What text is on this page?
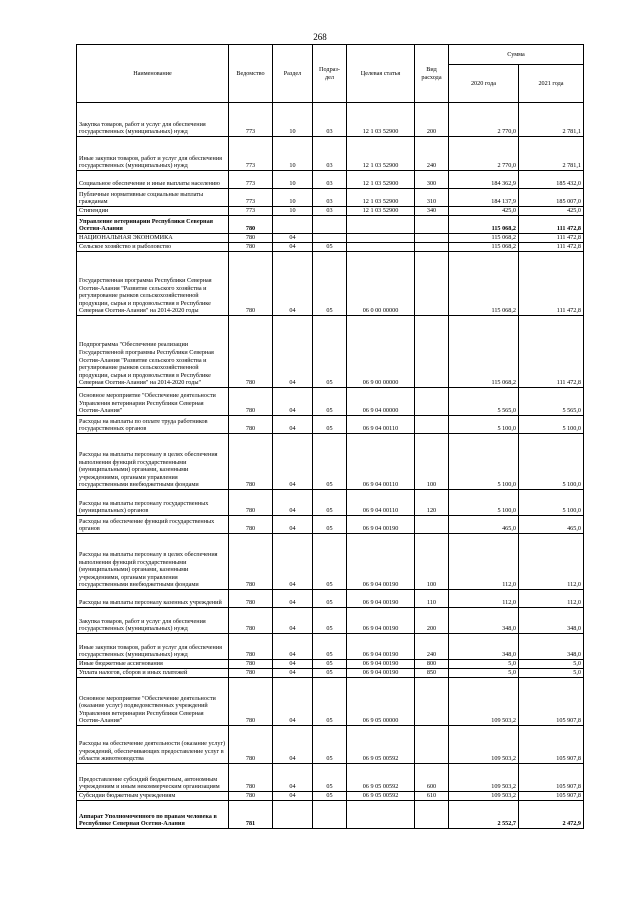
268
Наименование	Ведомство	Раздел	Подраз-дел	Целевая статья	Вид расхода	Сумма	
						2020 года	2021 года
Закупка товаров, работ и услуг для обеспечения государственных (муниципальных) нужд	773	10	03	12 1 03 52900	200	2 770,0	2 781,1
Иные закупки товаров, работ и услуг для обеспечения государственных (муниципальных) нужд	773	10	03	12 1 03 52900	240	2 770,0	2 781,1
Социальное обеспечение и иные выплаты населению	773	10	03	12 1 03 52900	300	184 362,9	185 432,0
Публичные нормативные социальные выплаты гражданам	773	10	03	12 1 03 52900	310	184 137,9	185 007,0
Стипендии	773	10	03	12 1 03 52900	340	425,0	425,0
Управление ветеринарии Республики Северная Осетия-Алания	780					115 068,2	111 472,8
НАЦИОНАЛЬНАЯ ЭКОНОМИКА	780	04				115 068,2	111 472,8
Сельское хозяйство и рыболовство	780	04	05			115 068,2	111 472,8
Государственная программа Республики Северная Осетия-Алания "Развитие сельского хозяйства и регулирование рынков сельскохозяйственной продукции, сырья и продовольствия в Республике Северная Осетия-Алания" на 2014-2020 годы	780	04	05	06 0 00 00000		115 068,2	111 472,8
Подпрограмма "Обеспечение реализации Государственной программы Республики Северная Осетия-Алания "Развитие сельского хозяйства и регулирование рынков сельскохозяйственной продукции, сырья и продовольствия в Республике Северная Осетия-Алания" на 2014-2020 годы"	780	04	05	06 9 00 00000		115 068,2	111 472,8
Основное мероприятие "Обеспечение деятельности Управления ветеринарии Республики Северная Осетия-Алания"	780	04	05	06 9 04 00000		5 565,0	5 565,0
Расходы на выплаты по оплате труда работников государственных органов	780	04	05	06 9 04 00110		5 100,0	5 100,0
Расходы на выплаты персоналу в целях обеспечения выполнения функций государственными (муниципальными) органами, казенными учреждениями, органами управления государственными внебюджетными фондами	780	04	05	06 9 04 00110	100	5 100,0	5 100,0
Расходы на выплаты персоналу государственных (муниципальных) органов	780	04	05	06 9 04 00110	120	5 100,0	5 100,0
Расходы на обеспечение функций государственных органов	780	04	05	06 9 04 00190		465,0	465,0
Расходы на выплаты персоналу в целях обеспечения выполнения функций государственными (муниципальными) органами, казенными учреждениями, органами управления государственными внебюджетными фондами	780	04	05	06 9 04 00190	100	112,0	112,0
Расходы на выплаты персоналу казенных учреждений	780	04	05	06 9 04 00190	110	112,0	112,0
Закупка товаров, работ и услуг для обеспечения государственных (муниципальных) нужд	780	04	05	06 9 04 00190	200	348,0	348,0
Иные закупки товаров, работ и услуг для обеспечения государственных (муниципальных) нужд	780	04	05	06 9 04 00190	240	348,0	348,0
Иные бюджетные ассигнования	780	04	05	06 9 04 00190	800	5,0	5,0
Уплата налогов, сборов и иных платежей	780	04	05	06 9 04 00190	850	5,0	5,0
Основное мероприятие "Обеспечение деятельности (оказание услуг) подведомственных учреждений Управления ветеринарии Республики Северная Осетия-Алания"	780	04	05	06 9 05 00000		109 503,2	105 907,8
Расходы на обеспечение деятельности (оказание услуг) учреждений, обеспечивающих предоставление услуг в области животноводства	780	04	05	06 9 05 00592		109 503,2	105 907,8
Предоставление субсидий бюджетным, автономным учреждениям и иным некоммерческим организациям	780	04	05	06 9 05 00592	600	109 503,2	105 907,8
Субсидии бюджетным учреждениям	780	04	05	06 9 05 00592	610	109 503,2	105 907,8
Аппарат Уполномоченного по правам человека в Республике Северная Осетия-Алания	781					2 552,7	2 472,9
